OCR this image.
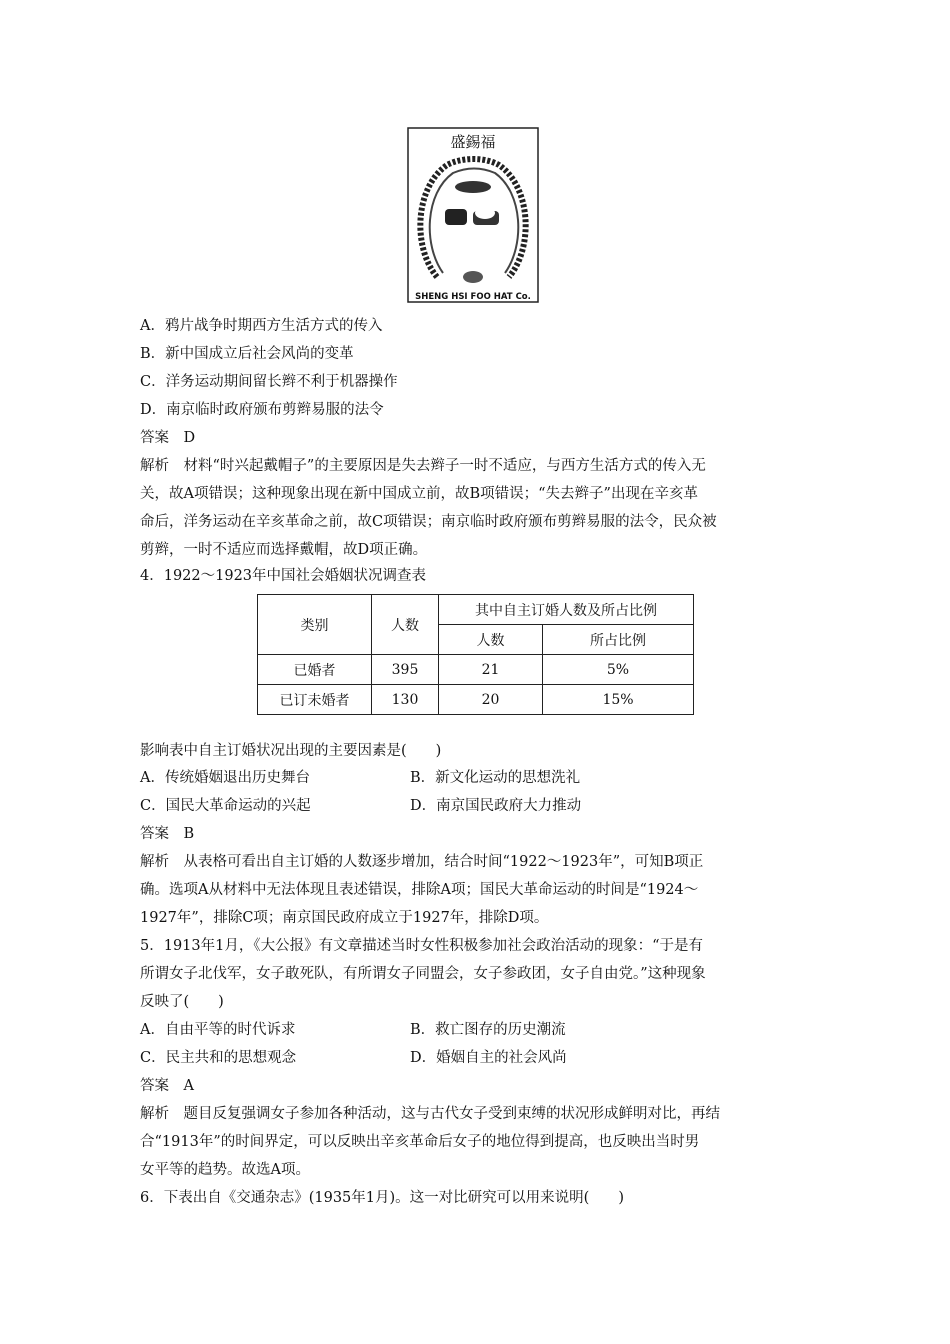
盛錫福
SHENG HSI FOO HAT Co.
A．鸦片战争时期西方生活方式的传入
B．新中国成立后社会风尚的变革
C．洋务运动期间留长辫不利于机器操作
D．南京临时政府颁布剪辫易服的法令
答案　D
解析　材料“时兴起戴帽子”的主要原因是失去辫子一时不适应，与西方生活方式的传入无
关，故A项错误；这种现象出现在新中国成立前，故B项错误；“失去辫子”出现在辛亥革
命后，洋务运动在辛亥革命之前，故C项错误；南京临时政府颁布剪辫易服的法令，民众被
剪辫，一时不适应而选择戴帽，故D项正确。
4．1922～1923年中国社会婚姻状况调查表
类别	人数	其中自主订婚人数及所占比例	
		人数	所占比例
已婚者	395	21	5%
已订未婚者	130	20	15%
影响表中自主订婚状况出现的主要因素是(　　)
A．传统婚姻退出历史舞台	B．新文化运动的思想洗礼
C．国民大革命运动的兴起	D．南京国民政府大力推动
答案　B
解析　从表格可看出自主订婚的人数逐步增加，结合时间“1922～1923年”，可知B项正
确。选项A从材料中无法体现且表述错误，排除A项；国民大革命运动的时间是“1924～
1927年”，排除C项；南京国民政府成立于1927年，排除D项。
5．1913年1月，《大公报》有文章描述当时女性积极参加社会政治活动的现象：“于是有
所谓女子北伐军，女子敢死队，有所谓女子同盟会，女子参政团，女子自由党。”这种现象
反映了(　　)
A．自由平等的时代诉求	B．救亡图存的历史潮流
C．民主共和的思想观念	D．婚姻自主的社会风尚
答案　A
解析　题目反复强调女子参加各种活动，这与古代女子受到束缚的状况形成鲜明对比，再结
合“1913年”的时间界定，可以反映出辛亥革命后女子的地位得到提高，也反映出当时男
女平等的趋势。故选A项。
6．下表出自《交通杂志》(1935年1月)。这一对比研究可以用来说明(　　)
